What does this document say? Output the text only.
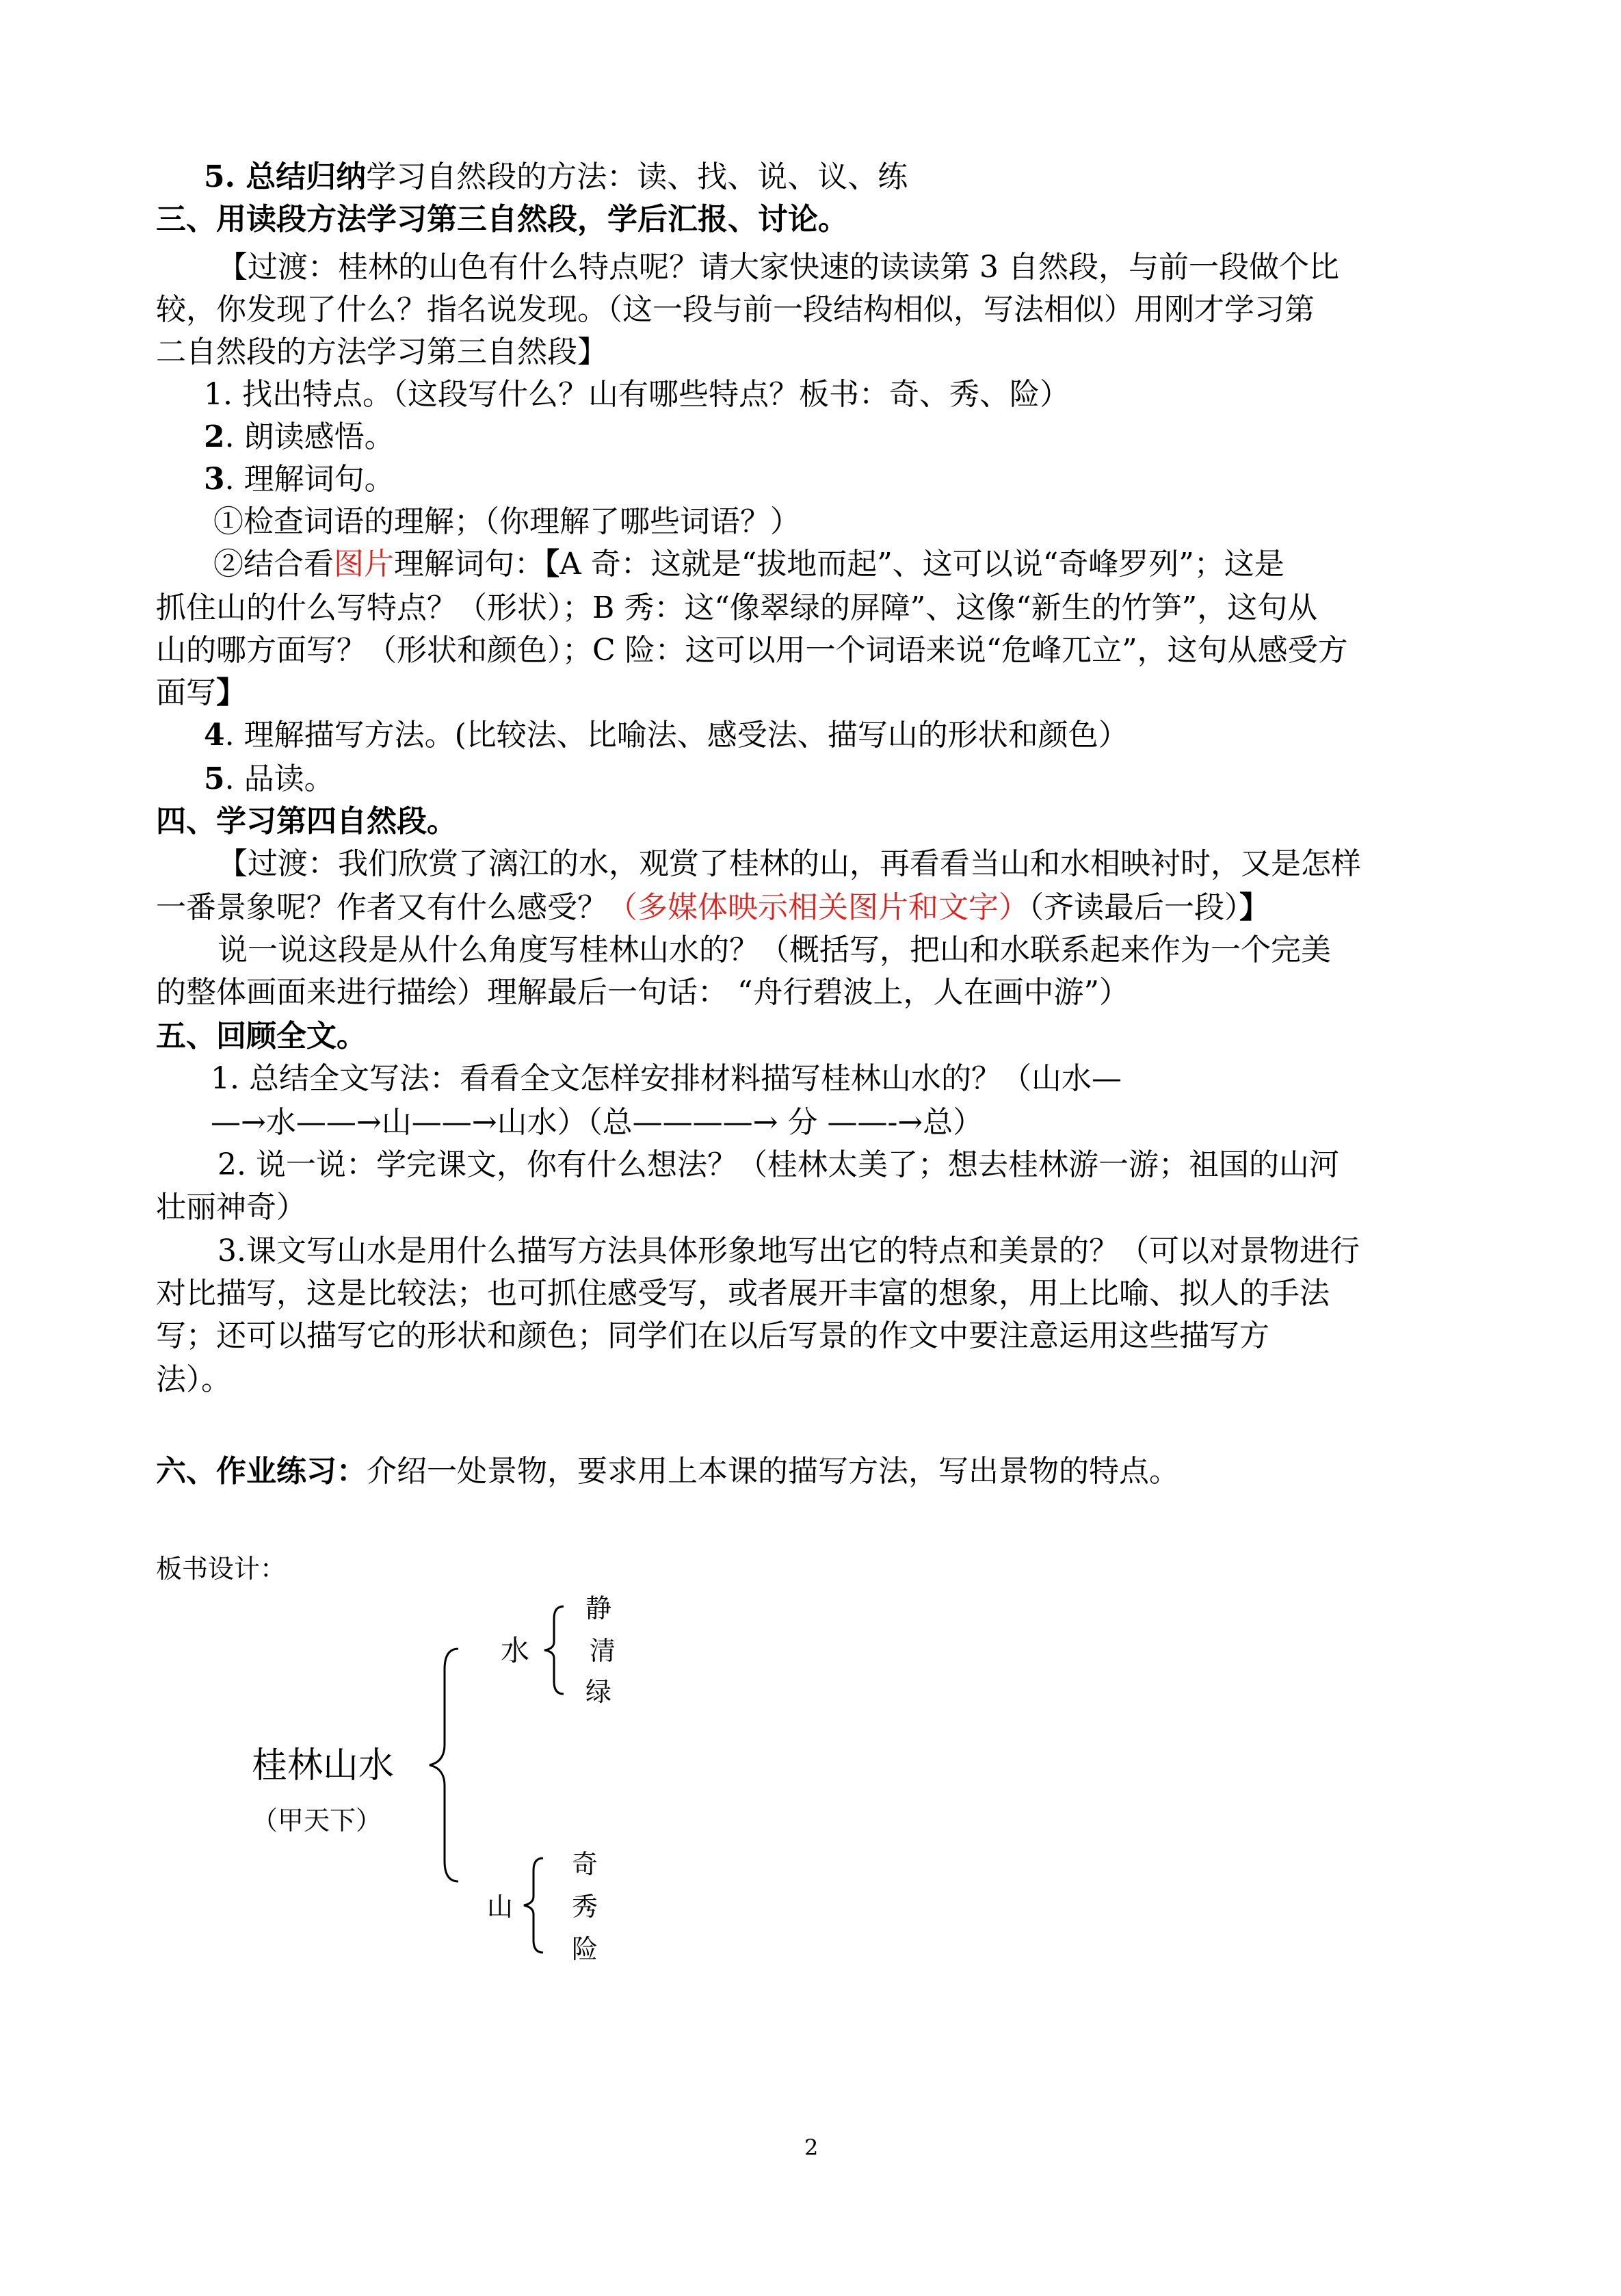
5. 总结归纳学习自然段的方法：读、找、说、议、练
三、用读段方法学习第三自然段，学后汇报、讨论。
【过渡：桂林的山色有什么特点呢？请大家快速的读读第 3 自然段，与前一段做个比
较，你发现了什么？指名说发现。（这一段与前一段结构相似，写法相似）用刚才学习第
二自然段的方法学习第三自然段】
1. 找出特点。（这段写什么？山有哪些特点？板书：奇、秀、险）
2. 朗读感悟。
3. 理解词句。
①检查词语的理解；（你理解了哪些词语？）
②结合看图片理解词句：【A 奇：这就是“拔地而起”、这可以说“奇峰罗列”；这是
抓住山的什么写特点？（形状）；B 秀：这“像翠绿的屏障”、这像“新生的竹笋”，这句从
山的哪方面写？（形状和颜色）；C 险：这可以用一个词语来说“危峰兀立”，这句从感受方
面写】
4. 理解描写方法。(比较法、比喻法、感受法、描写山的形状和颜色）
5. 品读。
四、学习第四自然段。
【过渡：我们欣赏了漓江的水，观赏了桂林的山，再看看当山和水相映衬时，又是怎样
一番景象呢？作者又有什么感受？（多媒体映示相关图片和文字）（齐读最后一段）】
说一说这段是从什么角度写桂林山水的？（概括写，把山和水联系起来作为一个完美
的整体画面来进行描绘）理解最后一句话： “舟行碧波上，人在画中游”）
五、回顾全文。
1. 总结全文写法：看看全文怎样安排材料描写桂林山水的？（山水—
—→水——→山——→山水）（总————→ 分 ——-→总）
2. 说一说：学完课文，你有什么想法？（桂林太美了；想去桂林游一游；祖国的山河
壮丽神奇）
3.课文写山水是用什么描写方法具体形象地写出它的特点和美景的？（可以对景物进行
对比描写，这是比较法；也可抓住感受写，或者展开丰富的想象，用上比喻、拟人的手法
写；还可以描写它的形状和颜色；同学们在以后写景的作文中要注意运用这些描写方
法）。
六、作业练习：介绍一处景物，要求用上本课的描写方法，写出景物的特点。
板书设计：
桂林山水
（甲天下）
水
静
清
绿
山
奇
秀
险
2
